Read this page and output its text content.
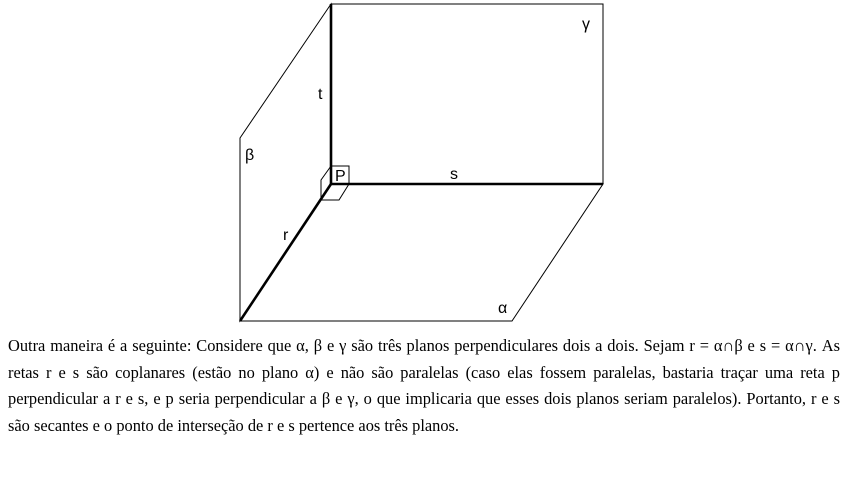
γ
t
β
P	s
r
α

Outra maneira é a seguinte: Considere que α, β e γ são três planos perpendiculares dois a dois. Sejam r = α∩β e s = α∩γ. As retas r e s são coplanares (estão no plano α) e não são paralelas (caso elas fossem paralelas, bastaria traçar uma reta p perpendicular a r e s, e p seria perpendicular a β e γ, o que implicaria que esses dois planos seriam paralelos). Portanto, r e s são secantes e o ponto de interseção de r e s pertence aos três planos.
